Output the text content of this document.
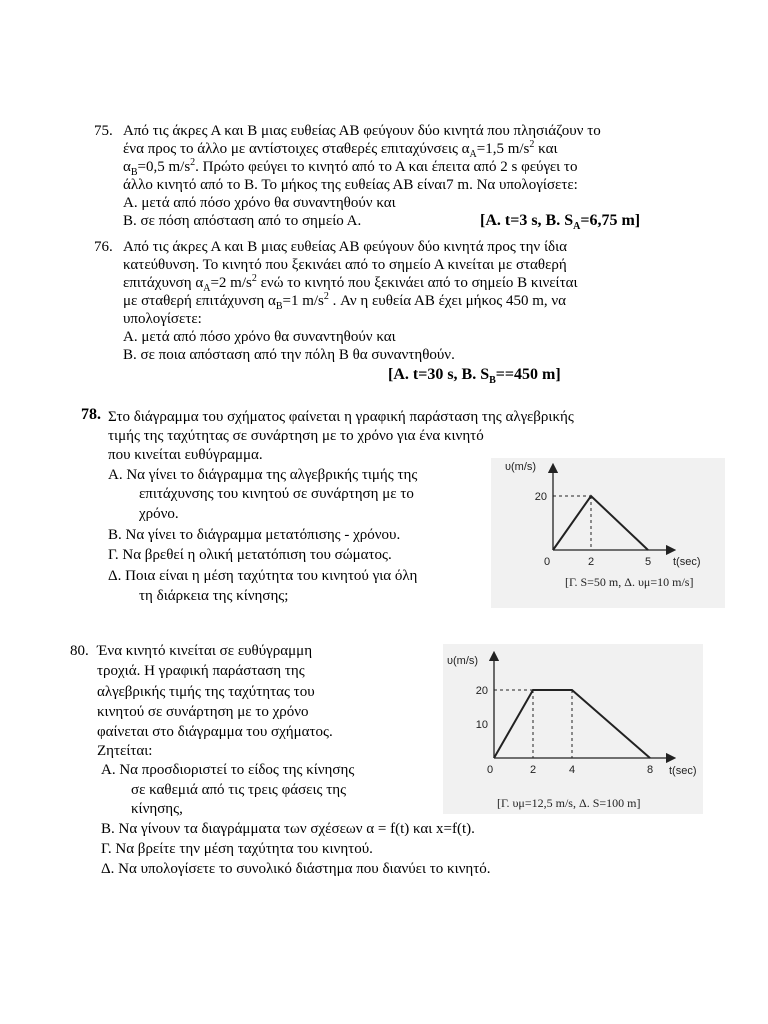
75. Από τις άκρες Α και Β μιας ευθείας ΑΒ φεύγουν δύο κινητά που πλησιάζουν το
ένα προς το άλλο με αντίστοιχες σταθερές επιταχύνσεις $\alpha_A=1,5$ $m/s^2$ και
$\alpha_B=0,5$ $m/s^2$. Πρώτο φεύγει το κινητό από το Α και έπειτα από 2 s φεύγει το
άλλο κινητό από το Β. Το μήκος της ευθείας ΑΒ είναι7 m. Να υπολογίσετε:
Α. μετά από πόσο χρόνο θα συναντηθούν και
Β. σε πόση απόσταση από το σημείο Α.	[Α. t=3 s, Β. $S_A=6,75$ m]
76. Από τις άκρες Α και Β μιας ευθείας ΑΒ φεύγουν δύο κινητά προς την ίδια
κατεύθυνση. Το κινητό που ξεκινάει από το σημείο Α κινείται με σταθερή
επιτάχυνση $\alpha_A=2$ $m/s^2$ ενώ το κινητό που ξεκινάει από το σημείο Β κινείται
με σταθερή επιτάχυνση $\alpha_B=1$ $m/s^2$ . Αν η ευθεία ΑΒ έχει μήκος 450 m, να
υπολογίσετε:
Α. μετά από πόσο χρόνο θα συναντηθούν και
Β. σε ποια απόσταση από την πόλη Β θα συναντηθούν.
[Α. t=30 s, Β. $S_B==450$ m]
78. Στο διάγραμμα του σχήματος φαίνεται η γραφική παράσταση της αλγεβρικής
τιμής της ταχύτητας σε συνάρτηση με το χρόνο για ένα κινητό
που κινείται ευθύγραμμα.
Α. Να γίνει το διάγραμμα της αλγεβρικής τιμής της
επιτάχυνσης του κινητού σε συνάρτηση με το
χρόνο.
Β. Να γίνει το διάγραμμα μετατόπισης - χρόνου.
Γ. Να βρεθεί η ολική μετατόπιση του σώματος.
Δ. Ποια είναι η μέση ταχύτητα του κινητού για όλη
τη διάρκεια της κίνησης;
υ(m/s)
t(sec)
20
0	2	5
[Γ. S=50 m, Δ. υμ=10 m/s]
80. Ένα κινητό κινείται σε ευθύγραμμη
τροχιά. Η γραφική παράσταση της
αλγεβρικής τιμής της ταχύτητας του
κινητού σε συνάρτηση με το χρόνο
φαίνεται στο διάγραμμα του σχήματος.
Ζητείται:
Α. Να προσδιοριστεί το είδος της κίνησης
σε καθεμιά από τις τρεις φάσεις της
κίνησης,
Β. Να γίνουν τα διαγράμματα των σχέσεων α = f(t) και x=f(t).
Γ. Να βρείτε την μέση ταχύτητα του κινητού.
Δ. Να υπολογίσετε το συνολικό διάστημα που διανύει το κινητό.
υ(m/s)
t(sec)
20
10
0	2	4	8
[Γ. υμ=12,5 m/s, Δ. S=100 m]
